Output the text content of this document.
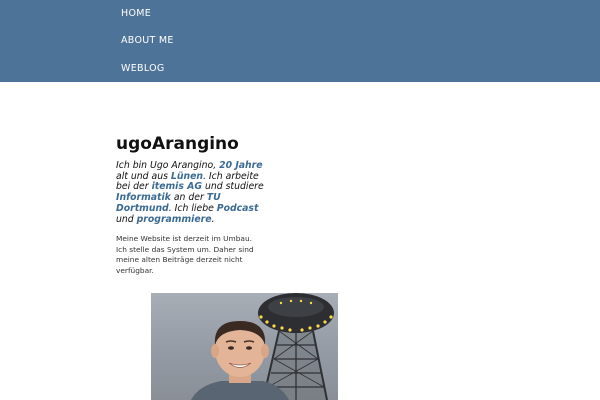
HOME
ABOUT ME
WEBLOG
ugoArangino

Ich bin Ugo Arangino, 20 Jahre alt und aus Lünen. Ich arbeite bei der itemis AG und studiere Informatik an der TU Dortmund. Ich liebe Podcast und programmiere.

Meine Website ist derzeit im Umbau. Ich stelle das System um. Daher sind meine alten Beiträge derzeit nicht verfügbar.
